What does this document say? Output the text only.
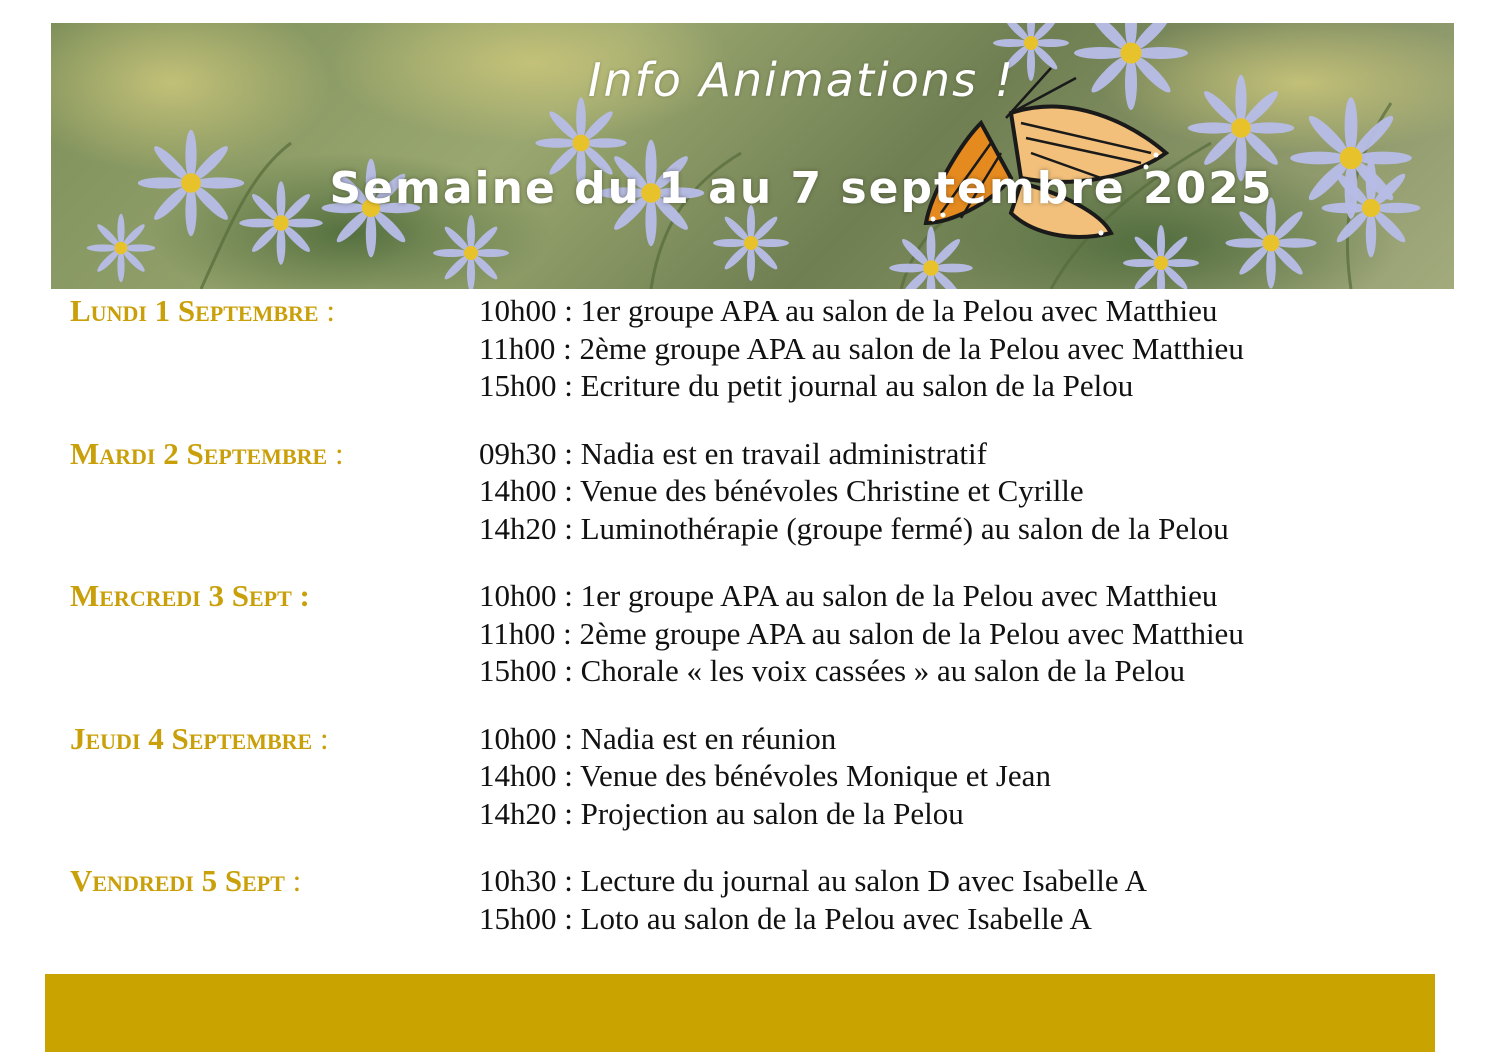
Info Animations !
Semaine du 1 au 7 septembre 2025
Lundi 1 Septembre :	10h00 : 1er groupe APA au salon de la Pelou avec Matthieu
11h00 : 2ème groupe APA au salon de la Pelou avec Matthieu
15h00 : Ecriture du petit journal au salon de la Pelou
Mardi 2 Septembre :	09h30 : Nadia est en travail administratif
14h00 : Venue des bénévoles Christine et Cyrille
14h20 : Luminothérapie (groupe fermé) au salon de la Pelou
Mercredi 3 Sept :	10h00 : 1er groupe APA au salon de la Pelou avec Matthieu
11h00 : 2ème groupe APA au salon de la Pelou avec Matthieu
15h00 : Chorale « les voix cassées » au salon de la Pelou
Jeudi 4 Septembre :	10h00 : Nadia est en réunion
14h00 : Venue des bénévoles Monique et Jean
14h20 : Projection au salon de la Pelou
Vendredi 5 Sept :	10h30 : Lecture du journal au salon D avec Isabelle A
15h00 : Loto au salon de la Pelou avec Isabelle A
